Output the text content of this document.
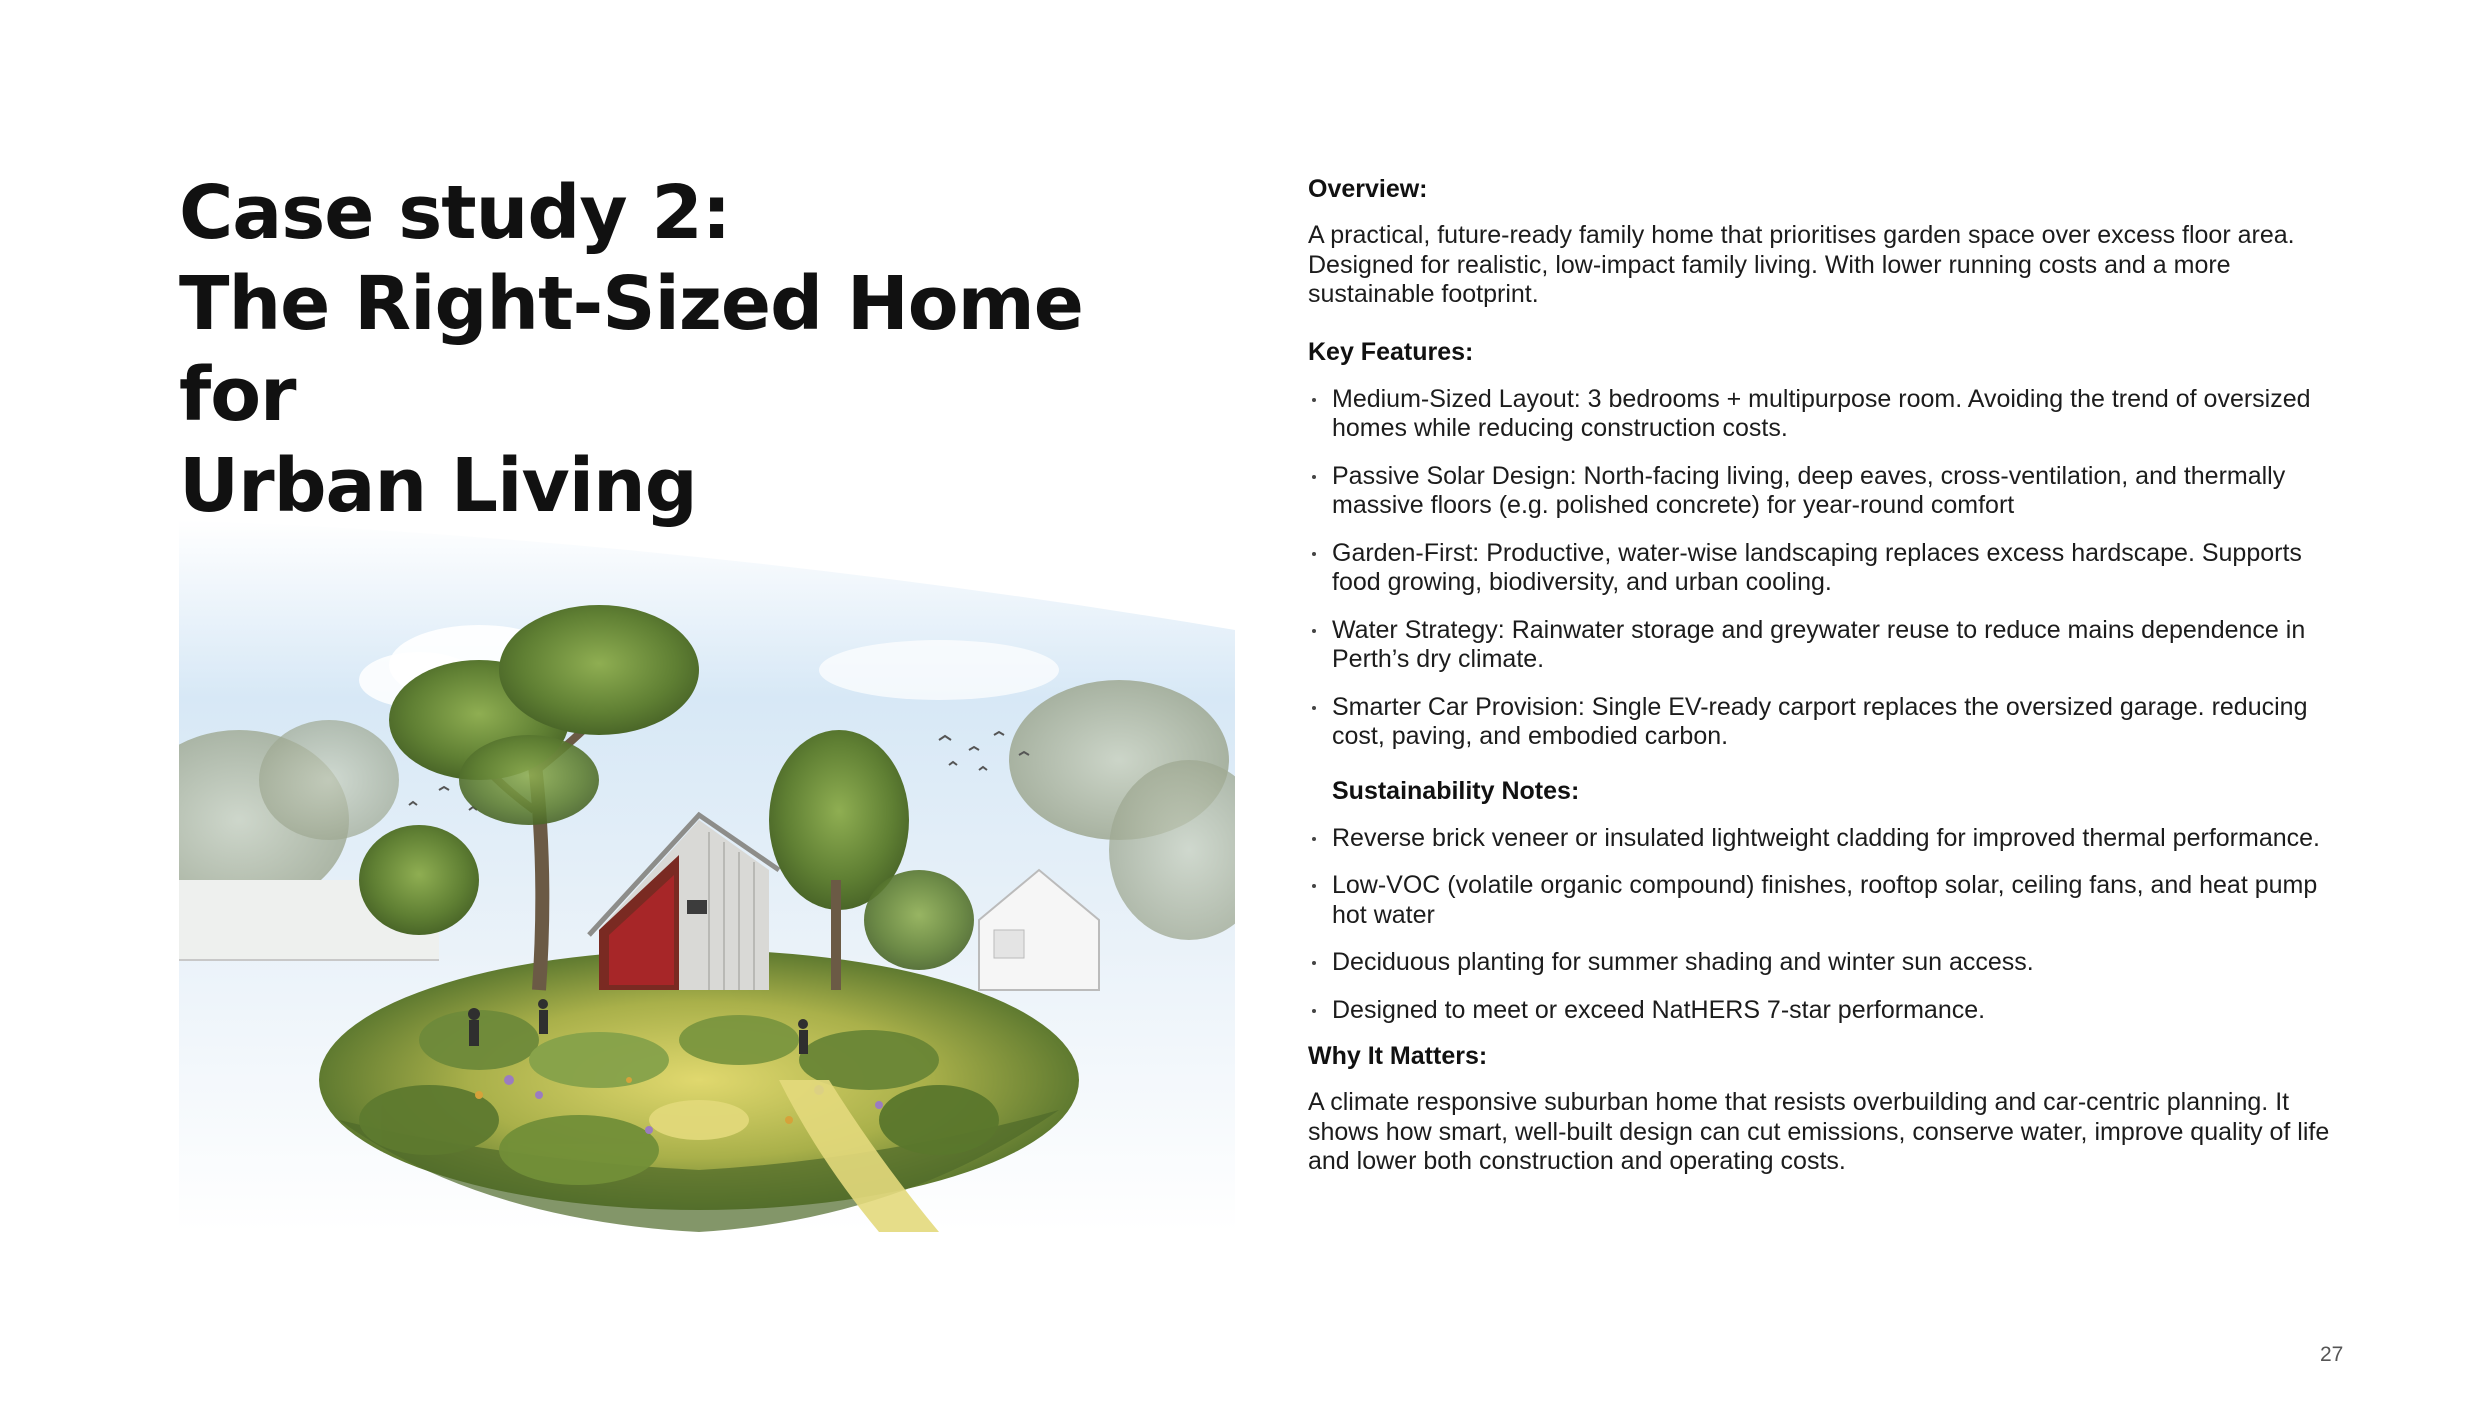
Case study 2:
The Right-Sized Home for
Urban Living
Overview:

A practical, future-ready family home that prioritises garden space over excess floor area. Designed for realistic, low-impact family living. With lower running costs and a more sustainable footprint.

Key Features:
Medium-Sized Layout: 3 bedrooms + multipurpose room. Avoiding the trend of oversized homes while reducing construction costs.
Passive Solar Design: North-facing living, deep eaves, cross-ventilation, and thermally massive floors (e.g. polished concrete) for year-round comfort
Garden-First: Productive, water-wise landscaping replaces excess hardscape. Supports food growing, biodiversity, and urban cooling.
Water Strategy: Rainwater storage and greywater reuse to reduce mains dependence in Perth’s dry climate.
Smarter Car Provision: Single EV-ready carport replaces the oversized garage. reducing cost, paving, and embodied carbon.
Sustainability Notes:
Reverse brick veneer or insulated lightweight cladding for improved thermal performance.
Low-VOC (volatile organic compound) finishes, rooftop solar, ceiling fans, and heat pump hot water
Deciduous planting for summer shading and winter sun access.
Designed to meet or exceed NatHERS 7-star performance.
Why It Matters:

A climate responsive suburban home that resists overbuilding and car-centric planning. It shows how smart, well-built design can cut emissions, conserve water, improve quality of life and lower both construction and operating costs.

27
